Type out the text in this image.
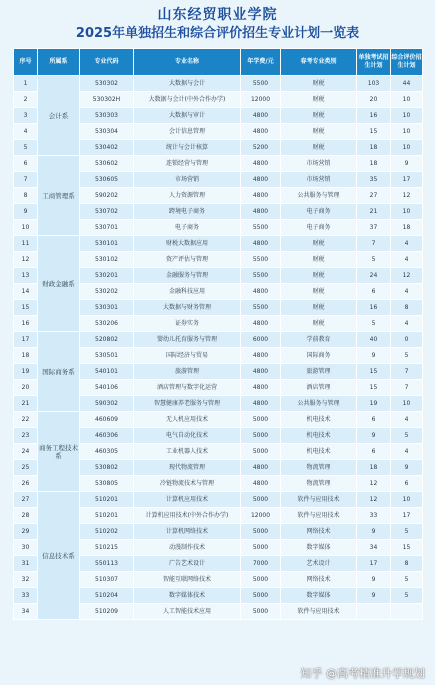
山东经贸职业学院
2025年单独招生和综合评价招生专业计划一览表
序号	所属系	专业代码	专业名称	年学费/元	春考专业类别	单独考试招生计划	综合评价招生计划
1	会计系	530302	大数据与会计	5500	财税	103	44
2		530302H	大数据与会计(中外合作办学)	12000	财税	20	10
3		530303	大数据与审计	4800	财税	16	10
4		530304	会计信息管理	4800	财税	15	10
5		530402	统计与会计核算	5200	财税	18	10
6	工商管理系	530602	连锁经营与管理	4800	市场营销	18	9
7		530605	市场营销	4800	市场营销	35	17
8		590202	人力资源管理	4800	公共服务与管理	27	12
9		530702	跨境电子商务	4800	电子商务	21	10
10		530701	电子商务	5500	电子商务	37	18
11	财政金融系	530101	财税大数据应用	4800	财税	7	4
12		530102	资产评估与管理	5500	财税	5	4
13		530201	金融服务与管理	5500	财税	24	12
14		530202	金融科技应用	4800	财税	6	4
15		530301	大数据与财务管理	5500	财税	16	8
16		530206	证券实务	4800	财税	5	4
17	国际商务系	520802	婴幼儿托育服务与管理	6000	学前教育	40	0
18		530501	国际经济与贸易	4800	国际商务	9	5
19		540101	旅游管理	4800	旅游管理	15	7
20		540106	酒店管理与数字化运营	4800	酒店管理	15	7
21		590302	智慧健康养老服务与管理	4800	公共服务与管理	19	10
22	商务工程技术系	460609	无人机应用技术	5000	机电技术	6	4
23		460306	电气自动化技术	5000	机电技术	9	5
24		460305	工业机器人技术	5000	机电技术	6	4
25		530802	现代物流管理	4800	物流管理	18	9
26		530805	冷链物流技术与管理	4800	物流管理	12	6
27	信息技术系	510201	计算机应用技术	5000	软件与应用技术	12	10
28		510201	计算机应用技术(中外合作办学)	12000	软件与应用技术	33	17
29		510202	计算机网络技术	5000	网络技术	9	5
30		510215	动漫制作技术	5000	数字媒体	34	15
31		550113	广告艺术设计	7000	艺术设计	17	8
32		510307	智能互联网络技术	5000	网络技术	9	5
33		510204	数字媒体技术	5000	数字媒体	9	5
34		510209	人工智能技术应用	5000	软件与应用技术		
知乎 @高考精准升学规划
